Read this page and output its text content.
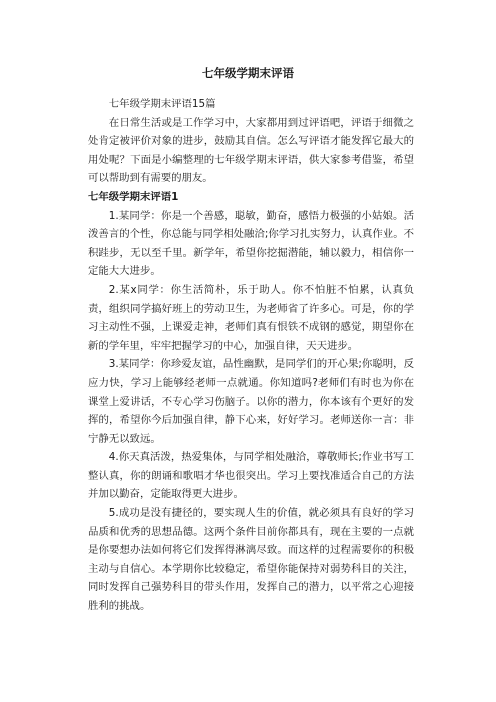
七年级学期末评语

七年级学期末评语15篇

在日常生活或是工作学习中，大家都用到过评语吧，评语于细微之处肯定被评价对象的进步，鼓励其自信。怎么写评语才能发挥它最大的用处呢？下面是小编整理的七年级学期末评语，供大家参考借鉴，希望可以帮助到有需要的朋友。

七年级学期末评语1

1.某同学：你是一个善感，聪敏，勤奋，感悟力极强的小姑娘。活泼善言的个性，你总能与同学相处融洽;你学习扎实努力，认真作业。不积跬步，无以至千里。新学年，希望你挖掘潜能，辅以毅力，相信你一定能大大进步。

2.某x同学：你生活简朴，乐于助人。你不怕脏不怕累，认真负责，组织同学搞好班上的劳动卫生，为老师省了许多心。可是，你的学习主动性不强，上课爱走神，老师们真有恨铁不成钢的感觉，期望你在新的学年里，牢牢把握学习的中心，加强自律，天天进步。

3.某同学：你珍爱友谊，品性幽默，是同学们的开心果;你聪明，反应力快，学习上能够经老师一点就通。你知道吗?老师们有时也为你在课堂上爱讲话，不专心学习伤脑子。以你的潜力，你本该有个更好的发挥的，希望你今后加强自律，静下心来，好好学习。老师送你一言：非宁静无以致远。

4.你天真活泼，热爱集体，与同学相处融洽，尊敬师长;作业书写工整认真，你的朗诵和歌唱才华也很突出。学习上要找准适合自己的方法并加以勤奋，定能取得更大进步。

5.成功是没有捷径的，要实现人生的价值，就必须具有良好的学习品质和优秀的思想品德。这两个条件目前你都具有，现在主要的一点就是你要想办法如何将它们发挥得淋漓尽致。而这样的过程需要你的积极主动与自信心。本学期你比较稳定，希望你能保持对弱势科目的关注，同时发挥自己强势科目的带头作用，发挥自己的潜力，以平常之心迎接胜利的挑战。
